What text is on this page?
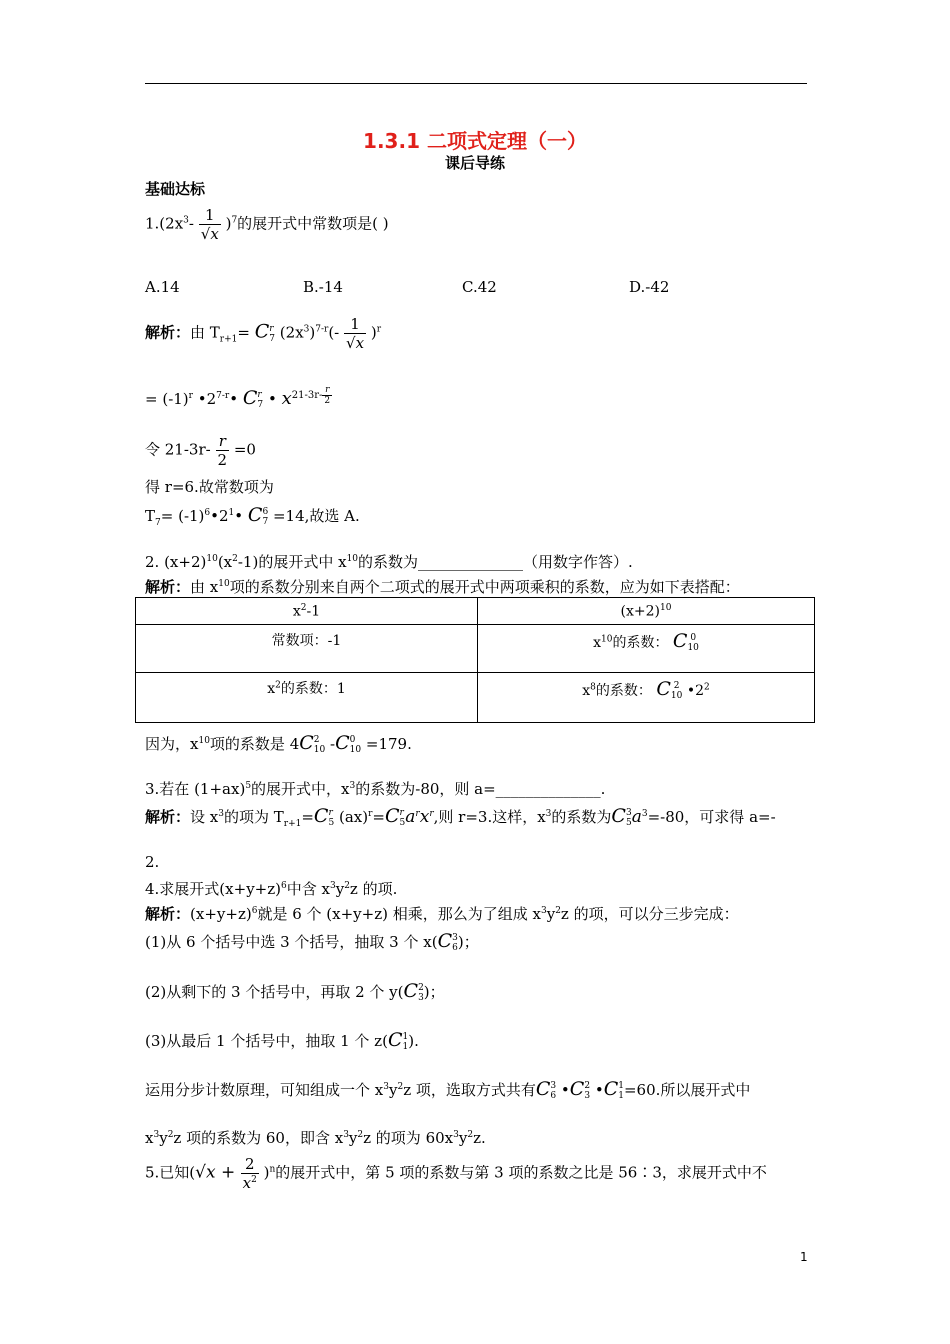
1.3.1 二项式定理（一）
课后导练
基础达标
$1.(2x^3- \frac{1}{√x} )^7$的展开式中常数项是( )
A.14	B.-14	C.42	D.-42
解析：由 $T_{r+1}= Cr$
7 $(2x^3)^{7-r}(- \frac{1}{√x} )^r$
= $(-1)^r$ •2$^{7-r}$• Cr
7 • $x^{21-3r- \frac{r}{2}}$
令 $21-3r- \frac{r}{2} =0$
得 r=6.故常数项为
$T_7=$ $(-1)^6•2^1•$ C6
7 =14,故选 A.
2. $(x+2)^{10}(x^2-1)$的展开式中 $x^{10}$的系数为______________（用数字作答）.
解析：由 $x^{10}$项的系数分别来自两个二项式的展开式中两项乘积的系数，应为如下表搭配：
$x^2-1$	$(x+2)^{10}$
常数项：-1	$x^{10}$的系数： C 0
10
$x^2$的系数：1	$x^8$的系数： C 2
10 $•2^2$
因为，$x^{10}$项的系数是 4C2
10 -C0
10 =179.
3.若在 $(1+ax)^5$的展开式中，$x^3$的系数为-80，则 a=______________.
解析：设 $x^3$的项为 $T_{r+1}=Cr$
5 (ax)$^r$=Cr
$5a^rx^r$,则 r=3.这样，$x^3$的系数为C3
$5a^3=-80$，可求得 a=-
2.
4.求展开式$(x+y+z)^6$中含 $x^3y^2z$ 的项.
解析：$(x+y+z)^6$就是 6 个 (x+y+z) 相乘，那么为了组成 $x^3y^2z$ 的项，可以分三步完成：
(1)从 6 个括号中选 3 个括号，抽取 3 个 x(C3
6)；
(2)从剩下的 3 个括号中，再取 2 个 y(C2
3)；
(3)从最后 1 个括号中，抽取 1 个 z(C1
1).
运用分步计数原理，可知组成一个 $x^3y^2z$ 项，选取方式共有C3
6 •C2
3 •C1
1=60.所以展开式中
$x^3y^2z$ 项的系数为 60，即含 $x^3y^2z$ 的项为 $60x^3y^2z$.
5.已知$(√x + \frac{2}{x^2} )^n$的展开式中，第 5 项的系数与第 3 项的系数之比是 56∶3，求展开式中不
1
